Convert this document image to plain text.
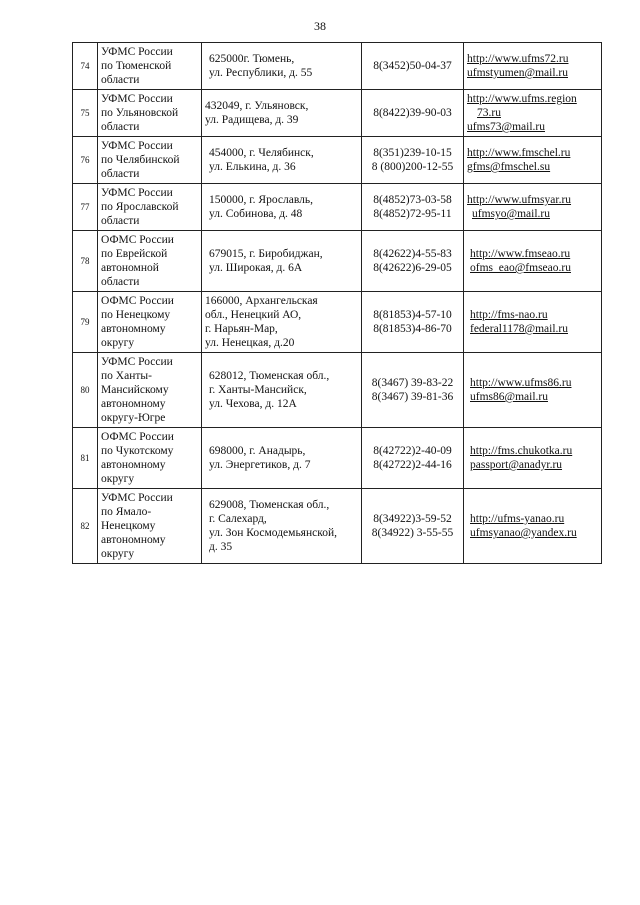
38
74	УФМС России
по Тюменской
области	625000г. Тюмень,
ул. Республики, д. 55	8(3452)50-04-37	http://www.ufms72.ru
ufmstyumen@mail.ru

75	УФМС России
по Ульяновской
области	432049, г. Ульяновск,
ул. Радищева, д. 39	8(8422)39-90-03	http://www.ufms.region
73.ru
ufms73@mail.ru

76	УФМС России
по Челябинской
области	454000, г. Челябинск,
ул. Елькина, д. 36	8(351)239-10-15
8 (800)200-12-55	http://www.fmschel.ru
gfms@fmschel.su

77	УФМС России
по Ярославской
области	150000, г. Ярославль,
ул. Собинова, д. 48	8(4852)73-03-58
8(4852)72-95-11	http://www.ufmsyar.ru
ufmsyo@mail.ru

78	ОФМС России
по Еврейской
автономной
области	679015, г. Биробиджан,
ул. Широкая, д. 6А	8(42622)4-55-83
8(42622)6-29-05	http://www.fmseao.ru
ofms_eao@fmseao.ru

79	ОФМС России
по Ненецкому
автономному
округу	166000, Архангельская
обл., Ненецкий АО,
г. Нарьян-Мар,
ул. Ненецкая, д.20	8(81853)4-57-10
8(81853)4-86-70	http://fms-nao.ru
federal1178@mail.ru

80	УФМС России
по Ханты-
Мансийскому
автономному
округу-Югре	628012, Тюменская обл.,
г. Ханты-Мансийск,
ул. Чехова, д. 12А	8(3467) 39-83-22
8(3467) 39-81-36	http://www.ufms86.ru
ufms86@mail.ru

81	ОФМС России
по Чукотскому
автономному
округу	698000, г. Анадырь,
ул. Энергетиков, д. 7	8(42722)2-40-09
8(42722)2-44-16	http://fms.chukotka.ru
passport@anadyr.ru

82	УФМС России
по Ямало-
Ненецкому
автономному
округу	629008, Тюменская обл.,
г. Салехард,
ул. Зон Космодемьянской,
д. 35	8(34922)3-59-52
8(34922) 3-55-55	http://ufms-yanao.ru
ufmsyanao@yandex.ru
